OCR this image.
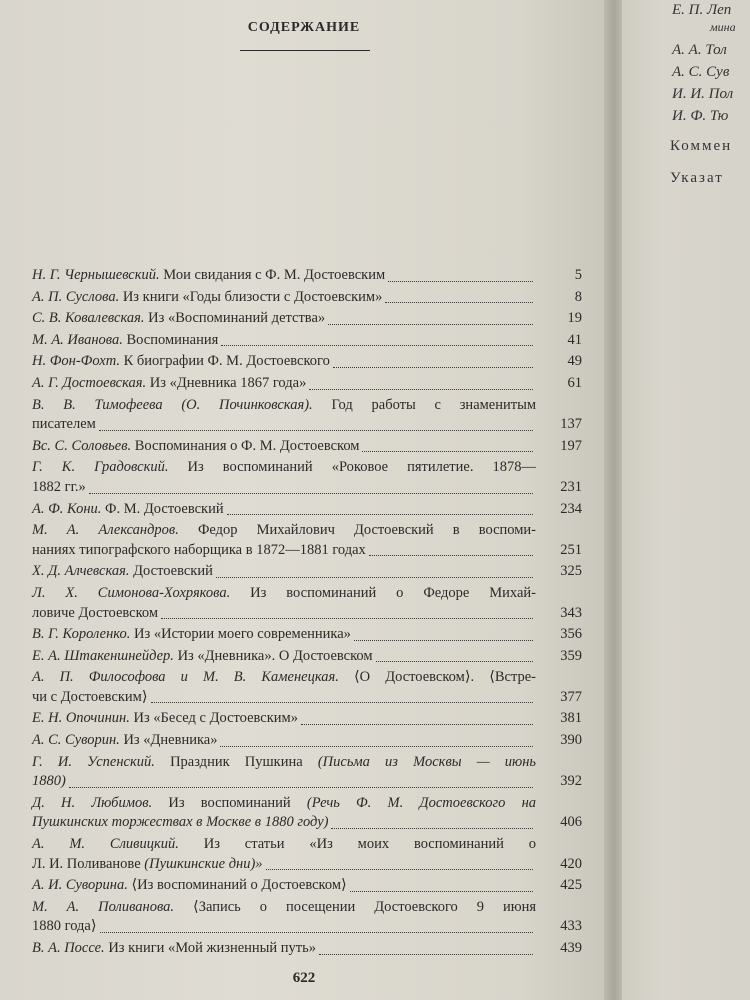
СОДЕРЖАНИЕ
Н. Г. Чернышевский. Мои свидания с Ф. М. Достоевским	5
А. П. Суслова. Из книги «Годы близости с Достоевским»	8
С. В. Ковалевская. Из «Воспоминаний детства»	19
М. А. Иванова. Воспоминания	41
Н. Фон-Фохт. К биографии Ф. М. Достоевского	49
А. Г. Достоевская. Из «Дневника 1867 года»	61
В. В. Тимофеева (О. Починковская). Год работы с знаменитым
писателем	137
Вс. С. Соловьев. Воспоминания о Ф. М. Достоевском	197
Г. К. Градовский. Из воспоминаний «Роковое пятилетие. 1878—
1882 гг.»	231
А. Ф. Кони. Ф. М. Достоевский	234
М. А. Александров. Федор Михайлович Достоевский в воспоми-
наниях типографского наборщика в 1872—1881 годах	251
Х. Д. Алчевская. Достоевский	325
Л. Х. Симонова-Хохрякова. Из воспоминаний о Федоре Михай-
ловиче Достоевском	343
В. Г. Короленко. Из «Истории моего современника»	356
Е. А. Штакеншнейдер. Из «Дневника». О Достоевском	359
А. П. Философова и М. В. Каменецкая. ⟨О Достоевском⟩. ⟨Встре-
чи с Достоевским⟩	377
Е. Н. Опочинин. Из «Бесед с Достоевским»	381
А. С. Суворин. Из «Дневника»	390
Г. И. Успенский. Праздник Пушкина (Письма из Москвы — июнь
1880)	392
Д. Н. Любимов. Из воспоминаний (Речь Ф. М. Достоевского на
Пушкинских торжествах в Москве в 1880 году)	406
А. М. Сливицкий. Из статьи «Из моих воспоминаний о
Л. И. Поливанове (Пушкинские дни)»	420
А. И. Суворина. ⟨Из воспоминаний о Достоевском⟩	425
М. А. Поливанова. ⟨Запись о посещении Достоевского 9 июня
1880 года⟩	433
В. А. Поссе. Из книги «Мой жизненный путь»	439
622
Е. П. Леп
мина
А. А. Тол
А. С. Сув
И. И. Пол
И. Ф. Тю
Коммен
Указат
